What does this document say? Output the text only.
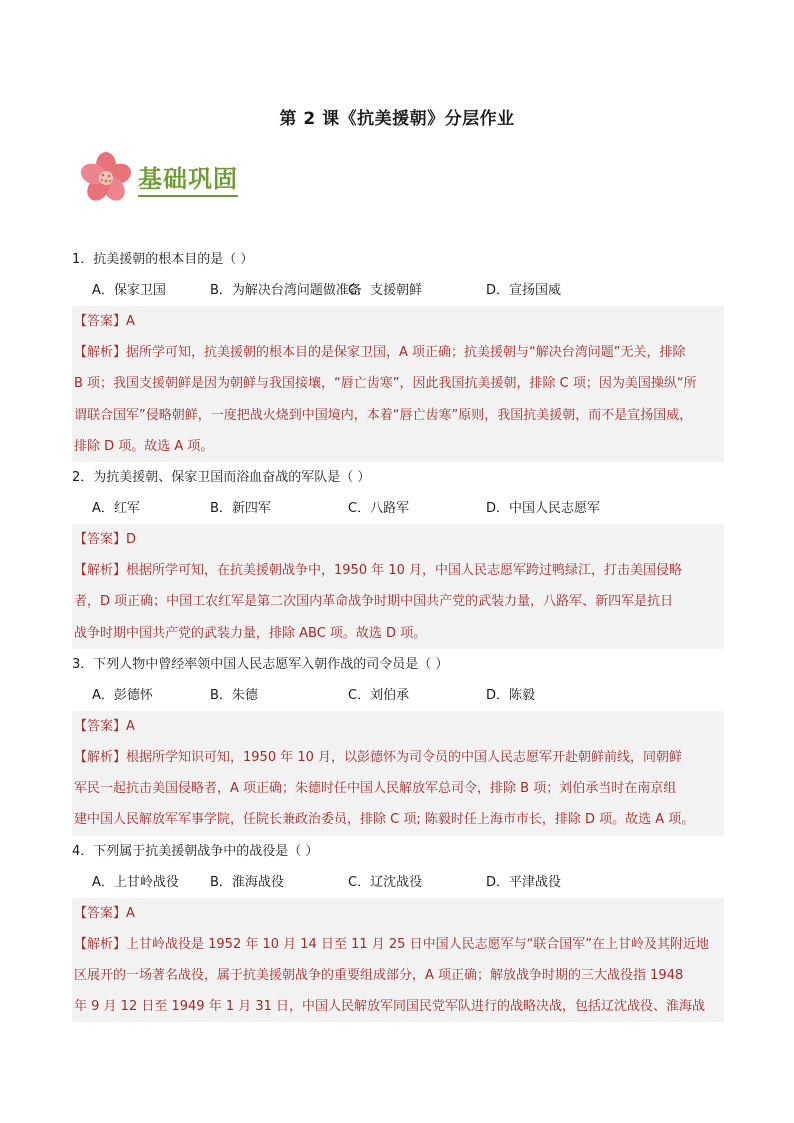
第 2 课《抗美援朝》分层作业
基础巩固
1．抗美援朝的根本目的是（ ）
A．保家卫国	B．为解决台湾问题做准备
C．支援朝鲜	D．宣扬国威
【答案】A
【解析】据所学可知，抗美援朝的根本目的是保家卫国，A 项正确；抗美援朝与“解决台湾问题”无关，排除
B 项；我国支援朝鲜是因为朝鲜与我国接壤，“唇亡齿寒”，因此我国抗美援朝，排除 C 项；因为美国操纵“所
谓联合国军”侵略朝鲜，一度把战火烧到中国境内，本着“唇亡齿寒”原则，我国抗美援朝，而不是宣扬国威，
排除 D 项。故选 A 项。
2．为抗美援朝、保家卫国而浴血奋战的军队是（ ）
A．红军	B．新四军	C．八路军	D．中国人民志愿军
【答案】D
【解析】根据所学可知，在抗美援朝战争中，1950 年 10 月，中国人民志愿军跨过鸭绿江，打击美国侵略
者，D 项正确；中国工农红军是第二次国内革命战争时期中国共产党的武装力量，八路军、新四军是抗日
战争时期中国共产党的武装力量，排除 ABC 项。故选 D 项。
3．下列人物中曾经率领中国人民志愿军入朝作战的司令员是（ ）
A．彭德怀	B．朱德	C．刘伯承	D．陈毅
【答案】A
【解析】根据所学知识可知，1950 年 10 月，以彭德怀为司令员的中国人民志愿军开赴朝鲜前线，同朝鲜
军民一起抗击美国侵略者，A 项正确；朱德时任中国人民解放军总司令，排除 B 项；刘伯承当时在南京组
建中国人民解放军军事学院，任院长兼政治委员，排除 C 项; 陈毅时任上海市市长，排除 D 项。故选 A 项。
4．下列属于抗美援朝战争中的战役是（ ）
A．上甘岭战役 B．淮海战役	C．辽沈战役	D．平津战役
【答案】A
【解析】上甘岭战役是 1952 年 10 月 14 日至 11 月 25 日中国人民志愿军与“联合国军”在上甘岭及其附近地
区展开的一场著名战役，属于抗美援朝战争的重要组成部分，A 项正确；解放战争时期的三大战役指 1948
年 9 月 12 日至 1949 年 1 月 31 日，中国人民解放军同国民党军队进行的战略决战，包括辽沈战役、淮海战
